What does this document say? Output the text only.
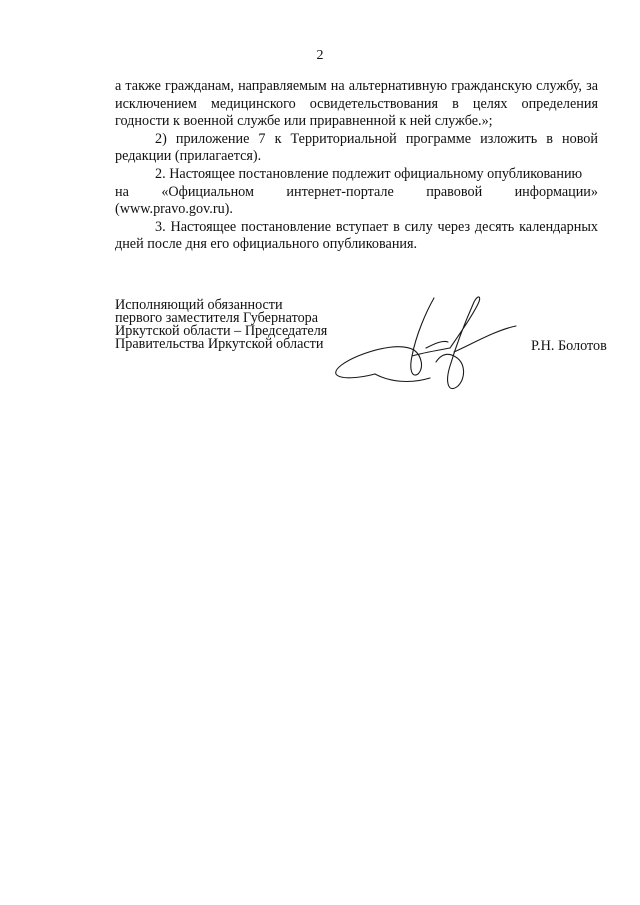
2

а также гражданам, направляемым на альтернативную гражданскую службу, за исключением медицинского освидетельствования в целях определения годности к военной службе или приравненной к ней службе.»;

2) приложение 7 к Территориальной программе изложить в новой редакции (прилагается).

2. Настоящее постановление подлежит официальному опубликованию

на «Официальном интернет-портале правовой информации»

(www.pravo.gov.ru).

3. Настоящее постановление вступает в силу через десять календарных дней после дня его официального опубликования.

Исполняющий обязанности
первого заместителя Губернатора
Иркутской области – Председателя
Правительства Иркутской области	Р.Н. Болотов
